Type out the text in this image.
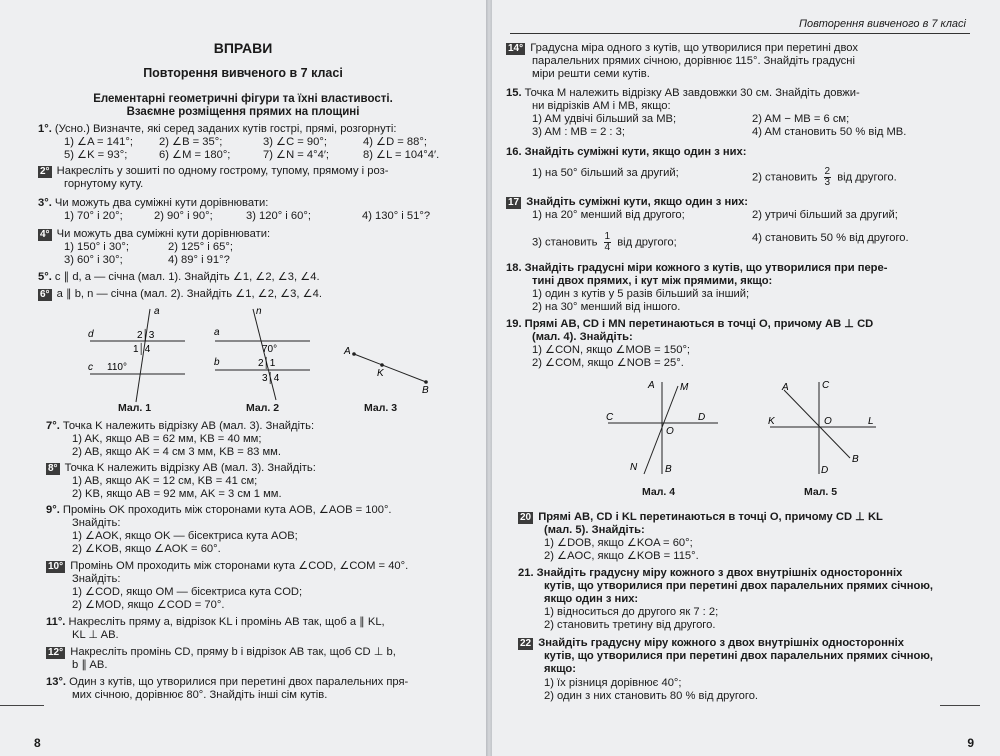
ВПРАВИ
Повторення вивченого в 7 класі
Елементарні геометричні фігури та їхні властивості.
Взаємне розміщення прямих на площині
1°. (Усно.) Визначте, які серед заданих кутів гострі, прямі, розгорнуті:
1) ∠A = 141°; 2) ∠B = 35°;	3) ∠C = 90°;	4) ∠D = 88°;
5) ∠K = 93°;	6) ∠M = 180°;	7) ∠N = 4°4′;	8) ∠L = 104°4′.
2° Накресліть у зошиті по одному гострому, тупому, прямому і роз-
горнутому куту.
3°. Чи можуть два суміжні кути дорівнювати:
1) 70° і 20°;	2) 90° і 90°;	3) 120° і 60°;	4) 130° і 51°?
4° Чи можуть два суміжні кути дорівнювати:
1) 150° і 30°;	2) 125° і 65°;
3) 60° і 30°;	4) 89° і 91°?
5°. c ∥ d, a — січна (мал. 1). Знайдіть ∠1, ∠2, ∠3, ∠4.
6° a ∥ b, n — січна (мал. 2). Знайдіть ∠1, ∠2, ∠3, ∠4.
d
c
a
2│3
1│4
110°
Мал. 1
a
b
n
70°
2│1
3│4
Мал. 2
A
K
B
Мал. 3
7°. Точка K належить відрізку AB (мал. 3). Знайдіть:
1) AK, якщо AB = 62 мм, KB = 40 мм;
2) AB, якщо AK = 4 см 3 мм, KB = 83 мм.
8° Точка K належить відрізку AB (мал. 3). Знайдіть:
1) AB, якщо AK = 12 см, KB = 41 см;
2) KB, якщо AB = 92 мм, AK = 3 см 1 мм.
9°. Промінь OK проходить між сторонами кута AOB, ∠AOB = 100°.
Знайдіть:
1) ∠AOK, якщо OK — бісектриса кута AOB;
2) ∠KOB, якщо ∠AOK = 60°.
10° Промінь OM проходить між сторонами кута ∠COD, ∠COM = 40°.
Знайдіть:
1) ∠COD, якщо OM — бісектриса кута COD;
2) ∠MOD, якщо ∠COD = 70°.
11°. Накресліть пряму a, відрізок KL і промінь AB так, щоб a ∥ KL,
KL ⊥ AB.
12° Накресліть промінь CD, пряму b і відрізок AB так, щоб CD ⊥ b,
b ∥ AB.
13°. Один з кутів, що утворилися при перетині двох паралельних пря-
мих січною, дорівнює 80°. Знайдіть інші сім кутів.
8
Повторення вивченого в 7 класі
14° Градусна міра одного з кутів, що утворилися при перетині двох
паралельних прямих січною, дорівнює 115°. Знайдіть градусні
міри решти семи кутів.
15. Точка M належить відрізку AB завдовжки 30 см. Знайдіть довжи-
ни відрізків AM і MB, якщо:
1) AM удвічі більший за MB;	2) AM − MB = 6 см;
3) AM : MB = 2 : 3;	4) AM становить 50 % від MB.
16. Знайдіть суміжні кути, якщо один з них:
1) на 50° більший за другий;	2) становить $\frac{2}{3}$ від другого.
17 Знайдіть суміжні кути, якщо один з них:
1) на 20° менший від другого;	2) утричі більший за другий;
3) становить $\frac{1}{4}$ від другого;	4) становить 50 % від другого.
18. Знайдіть градусні міри кожного з кутів, що утворилися при пере-
тині двох прямих, і кут між прямими, якщо:
1) один з кутів у 5 разів більший за інший;
2) на 30° менший від іншого.
19. Прямі AB, CD і MN перетинаються в точці O, причому AB ⊥ CD
(мал. 4). Знайдіть:
1) ∠CON, якщо ∠MOB = 150°;
2) ∠COM, якщо ∠NOB = 25°.
A	M
C
O
D
N	B
Мал. 4
A	C
K	O	L
D
B
Мал. 5
20 Прямі AB, CD і KL перетинаються в точці O, причому CD ⊥ KL
(мал. 5). Знайдіть:
1) ∠DOB, якщо ∠KOA = 60°;
2) ∠AOC, якщо ∠KOB = 115°.
21. Знайдіть градусну міру кожного з двох внутрішніх односторонніх
кутів, що утворилися при перетині двох паралельних прямих січною,
якщо один з них:
1) відноситься до другого як 7 : 2;
2) становить третину від другого.
22 Знайдіть градусну міру кожного з двох внутрішніх односторонніх
кутів, що утворилися при перетині двох паралельних прямих січною,
якщо:
1) їх різниця дорівнює 40°;
2) один з них становить 80 % від другого.
9
